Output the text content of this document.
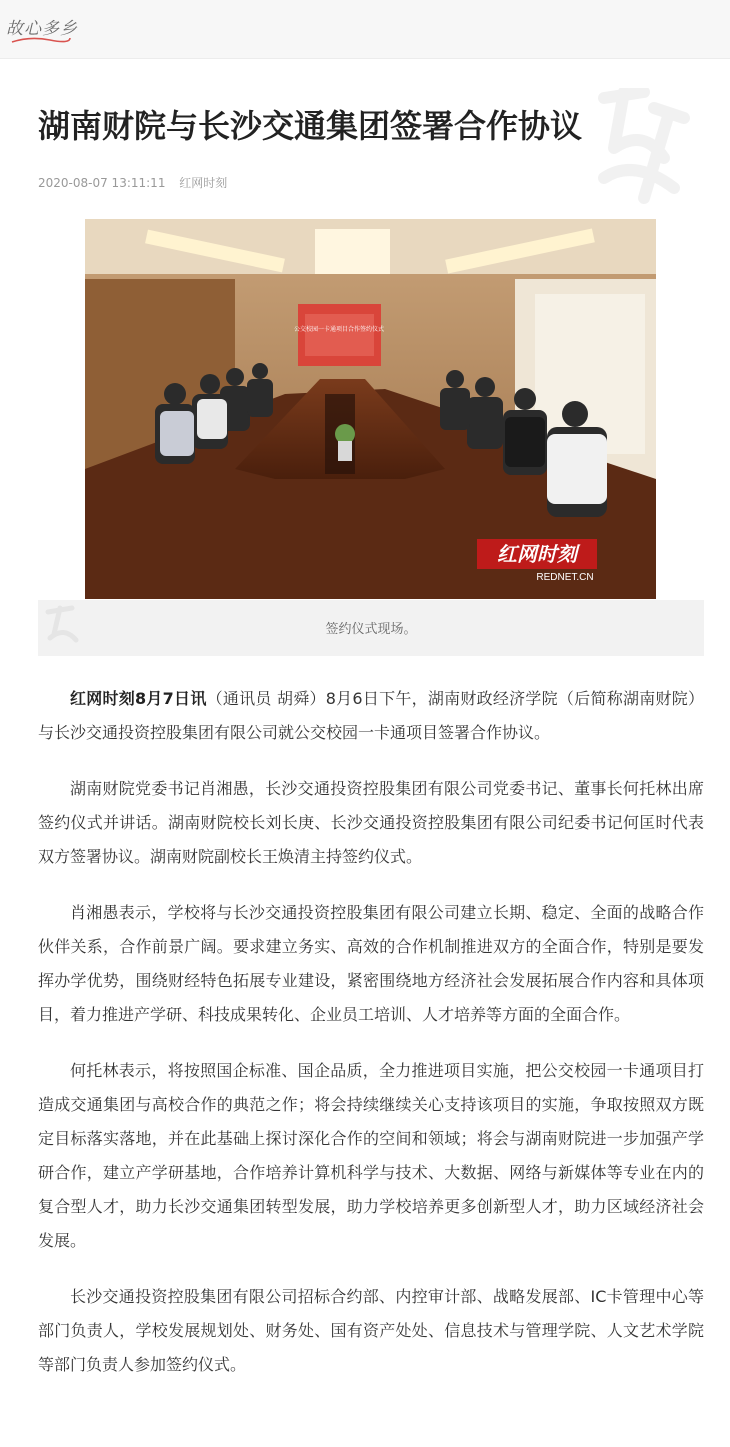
故心多乡
湖南财院与长沙交通集团签署合作协议
2020-08-07 13:11:11 红网时刻
公交校园一卡通项目合作签约仪式
红网时刻
REDNET.CN
签约仪式现场。

红网时刻8月7日讯（通讯员 胡舜）8月6日下午，湖南财政经济学院（后简称湖南财院）与长沙交通投资控股集团有限公司就公交校园一卡通项目签署合作协议。

湖南财院党委书记肖湘愚，长沙交通投资控股集团有限公司党委书记、董事长何托林出席签约仪式并讲话。湖南财院校长刘长庚、长沙交通投资控股集团有限公司纪委书记何匡时代表双方签署协议。湖南财院副校长王焕清主持签约仪式。

肖湘愚表示，学校将与长沙交通投资控股集团有限公司建立长期、稳定、全面的战略合作伙伴关系，合作前景广阔。要求建立务实、高效的合作机制推进双方的全面合作，特别是要发挥办学优势，围绕财经特色拓展专业建设，紧密围绕地方经济社会发展拓展合作内容和具体项目，着力推进产学研、科技成果转化、企业员工培训、人才培养等方面的全面合作。

何托林表示，将按照国企标准、国企品质，全力推进项目实施，把公交校园一卡通项目打造成交通集团与高校合作的典范之作；将会持续继续关心支持该项目的实施，争取按照双方既定目标落实落地，并在此基础上探讨深化合作的空间和领域；将会与湖南财院进一步加强产学研合作，建立产学研基地，合作培养计算机科学与技术、大数据、网络与新媒体等专业在内的复合型人才，助力长沙交通集团转型发展，助力学校培养更多创新型人才，助力区域经济社会发展。

长沙交通投资控股集团有限公司招标合约部、内控审计部、战略发展部、IC卡管理中心等部门负责人，学校发展规划处、财务处、国有资产处处、信息技术与管理学院、人文艺术学院等部门负责人参加签约仪式。
